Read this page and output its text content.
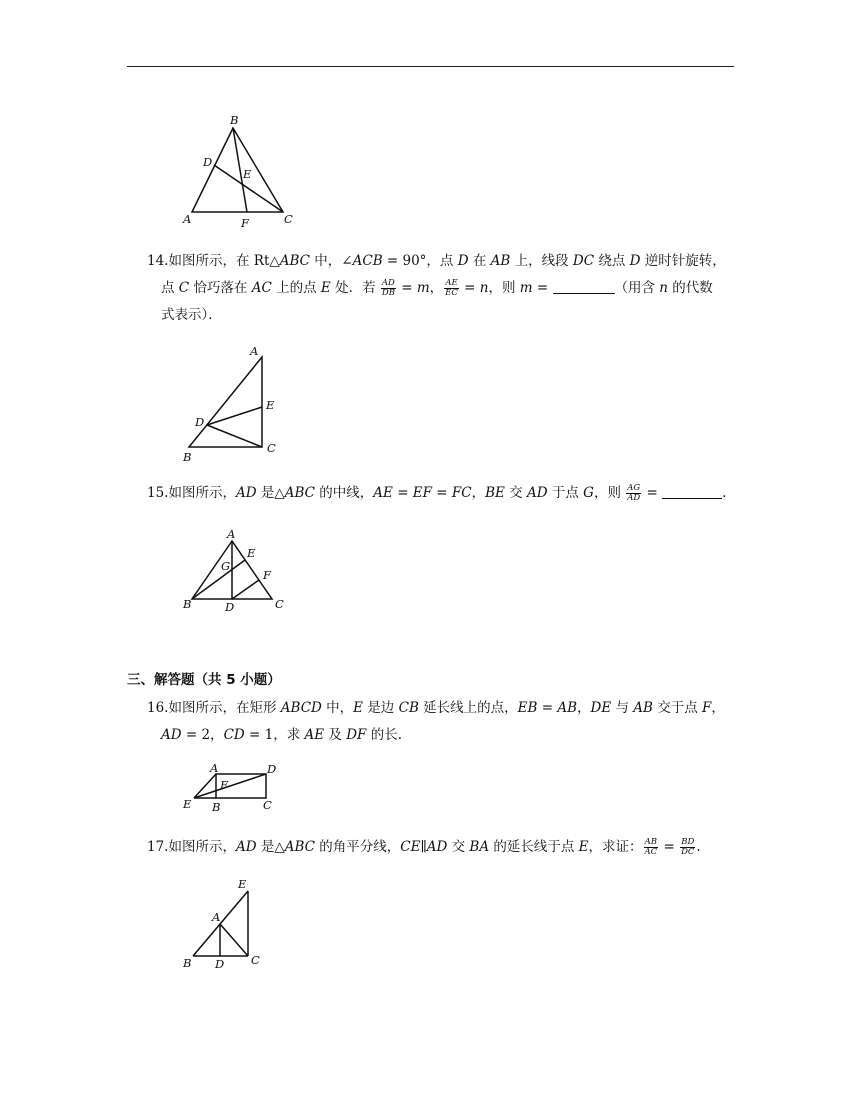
B
D
E
A	F	C
14.如图所示，在 Rt△ABC 中，∠ACB = 90°，点 D 在 AB 上，线段 DC 绕点 D 逆时针旋转，
点 C 恰巧落在 AC 上的点 E 处．若 $\frac{AD}{DB} = m$， $\frac{AE}{EC} = n$，则 m =	（用含 n 的代数
式表示）．
A
E
D
B
C
15.如图所示，AD 是△ABC 的中线，AE = EF = FC，BE 交 AD 于点 G，则 $\frac{AG}{AD}$ =	.
A
E
G
F
B	D	C
三、解答题（共 5 小题）
16.如图所示，在矩形 ABCD 中，E 是边 CB 延长线上的点，EB = AB，DE 与 AB 交于点 F，
AD = 2，CD = 1，求 AE 及 DF 的长.
A	D
F
E B	C
17.如图所示，AD 是△ABC 的角平分线，CE∥AD 交 BA 的延长线于点 E，求证： $\frac{AB}{AC} = \frac{BD}{DC}$ .
E
A
B D C
